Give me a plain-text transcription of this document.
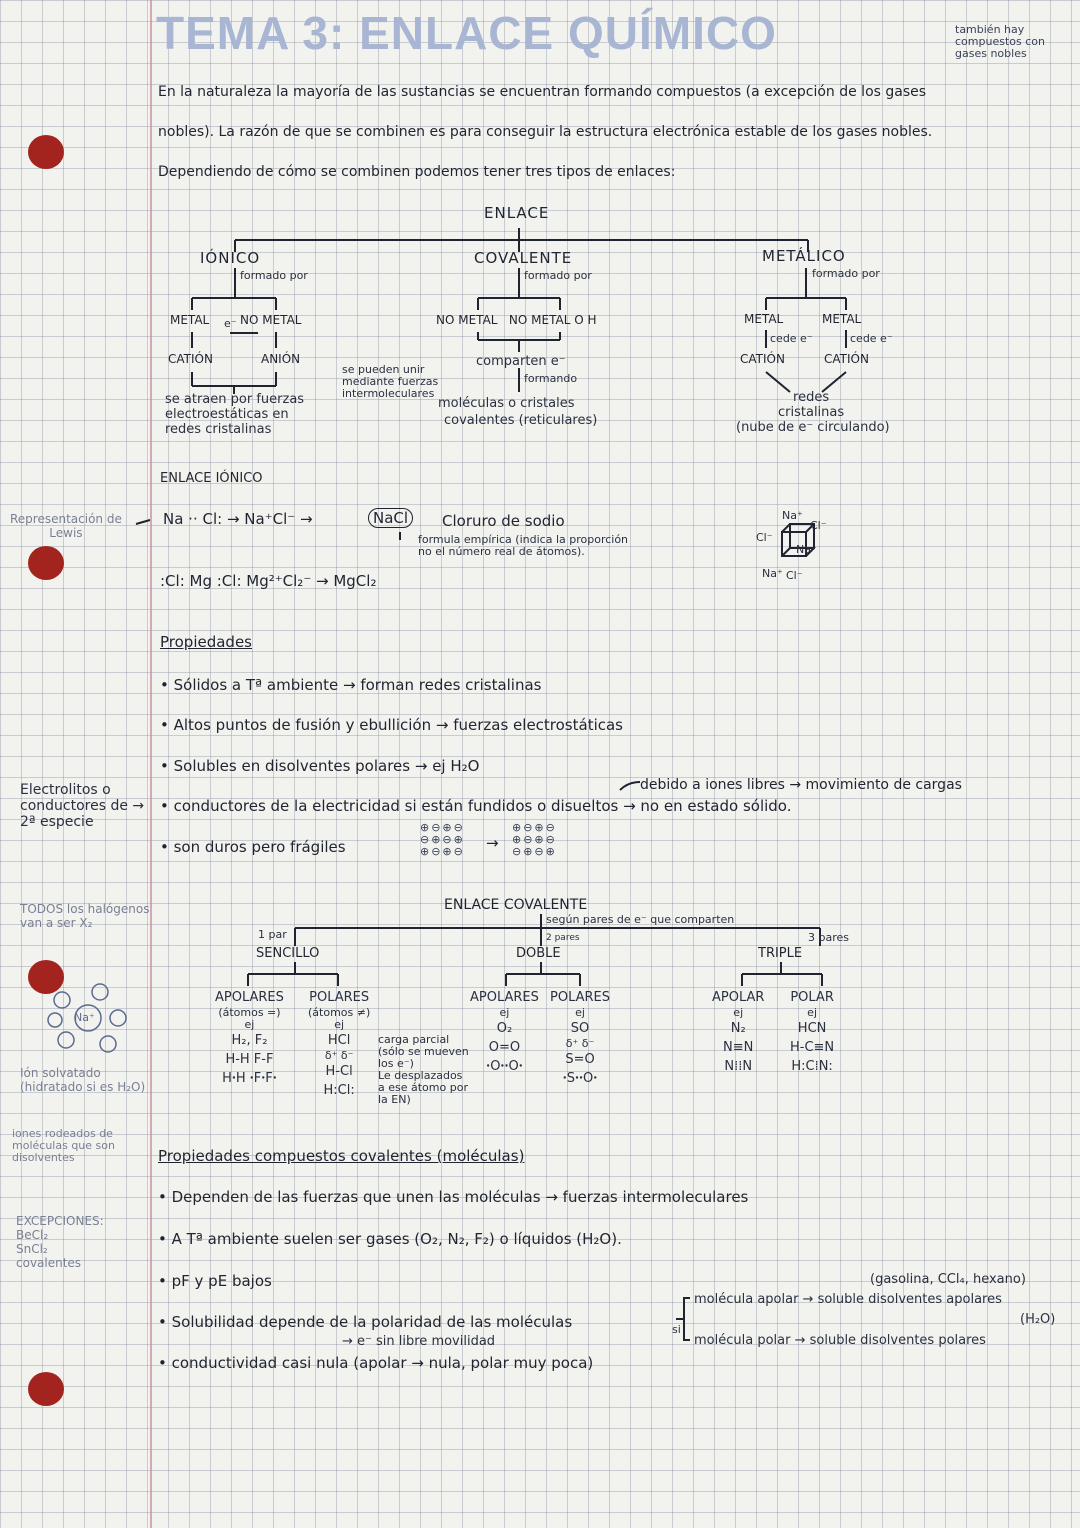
TEMA 3: ENLACE QUÍMICO	también hay compuestos con gases nobles
En la naturaleza la mayoría de las sustancias se encuentran formando compuestos (a excepción de los gases
nobles). La razón de que se combinen es para conseguir la estructura electrónica estable de los gases nobles.
Dependiendo de cómo se combinen podemos tener tres tipos de enlaces:
ENLACE
IÓNICO
formado por
METAL e⁻ NO METAL
CATIÓN	ANIÓN
se atraen por fuerzas
electroestáticas en
redes cristalinas
COVALENTE
formado por
NO METAL   NO METAL O H
comparten e⁻
formando
moléculas o cristales
covalentes (reticulares)
se pueden unir
mediante fuerzas
intermoleculares
METÁLICO
formado por
METAL	METAL
cede e⁻	cede e⁻
CATIÓN	CATIÓN
redes
cristalinas
(nube de e⁻ circulando)
ENLACE IÓNICO
Representación de
Lewis
Na ·· Cl: → Na⁺Cl⁻ →	NaCl	Cloruro de sodio
formula empírica (indica la proporción
no el número real de átomos).
:Cl: Mg :Cl: Mg²⁺Cl₂⁻ → MgCl₂
Na⁺
Cl⁻
Cl⁻
Na⁺
Na⁺ Cl⁻
Propiedades
• Sólidos a Tª ambiente → forman redes cristalinas
• Altos puntos de fusión y ebullición → fuerzas electrostáticas
• Solubles en disolventes polares → ej H₂O
debido a iones libres → movimiento de cargas
• conductores de la electricidad si están fundidos o disueltos → no en estado sólido.
• son duros pero frágiles
Electrolitos o
conductores de →
2ª especie	⊕⊖⊕⊖
⊖⊕⊖⊕
⊕⊖⊕⊖ →
⊕⊖⊕⊖
⊕⊖⊕⊖
⊖⊕⊖⊕
ENLACE COVALENTE
según pares de e⁻ que comparten
1 par	2 pares	3 pares
SENCILLO	DOBLE	TRIPLE
APOLARES
(átomos =)
ej
H₂, F₂
H-H F-F
HꞏH ꞏFꞏFꞏ
POLARES
(átomos ≠)
ej
HCl
δ⁺ δ⁻
H-Cl
H:Cl:
carga parcial
(sólo se mueven
los e⁻)
Le desplazados
a ese átomo por
la EN)
APOLARES
ej
O₂
O=O
ꞏOꞏꞏOꞏ
POLARES
ej
SO
δ⁺ δ⁻
S=O
ꞏSꞏꞏOꞏ
APOLAR
ej
N₂
N≡N
N⁞⁞N
POLAR
ej
HCN
H-C≡N
H:C⁞N:
TODOS los halógenos
van a ser X₂
Na⁺
Ión solvatado
(hidratado si es H₂O)
iones rodeados de
moléculas que son
disolventes
EXCEPCIONES:
BeCl₂
SnCl₂
covalentes
Propiedades compuestos covalentes (moléculas)
• Dependen de las fuerzas que unen las moléculas → fuerzas intermoleculares
• A Tª ambiente suelen ser gases (O₂, N₂, F₂) o líquidos (H₂O).
• pF y pE bajos	(gasolina, CCl₄, hexano)
• Solubilidad depende de la polaridad de las moléculas	si
molécula apolar → soluble disolventes apolares
(H₂O)
molécula polar → soluble disolventes polares
→ e⁻ sin libre movilidad
• conductividad casi nula (apolar → nula, polar muy poca)
